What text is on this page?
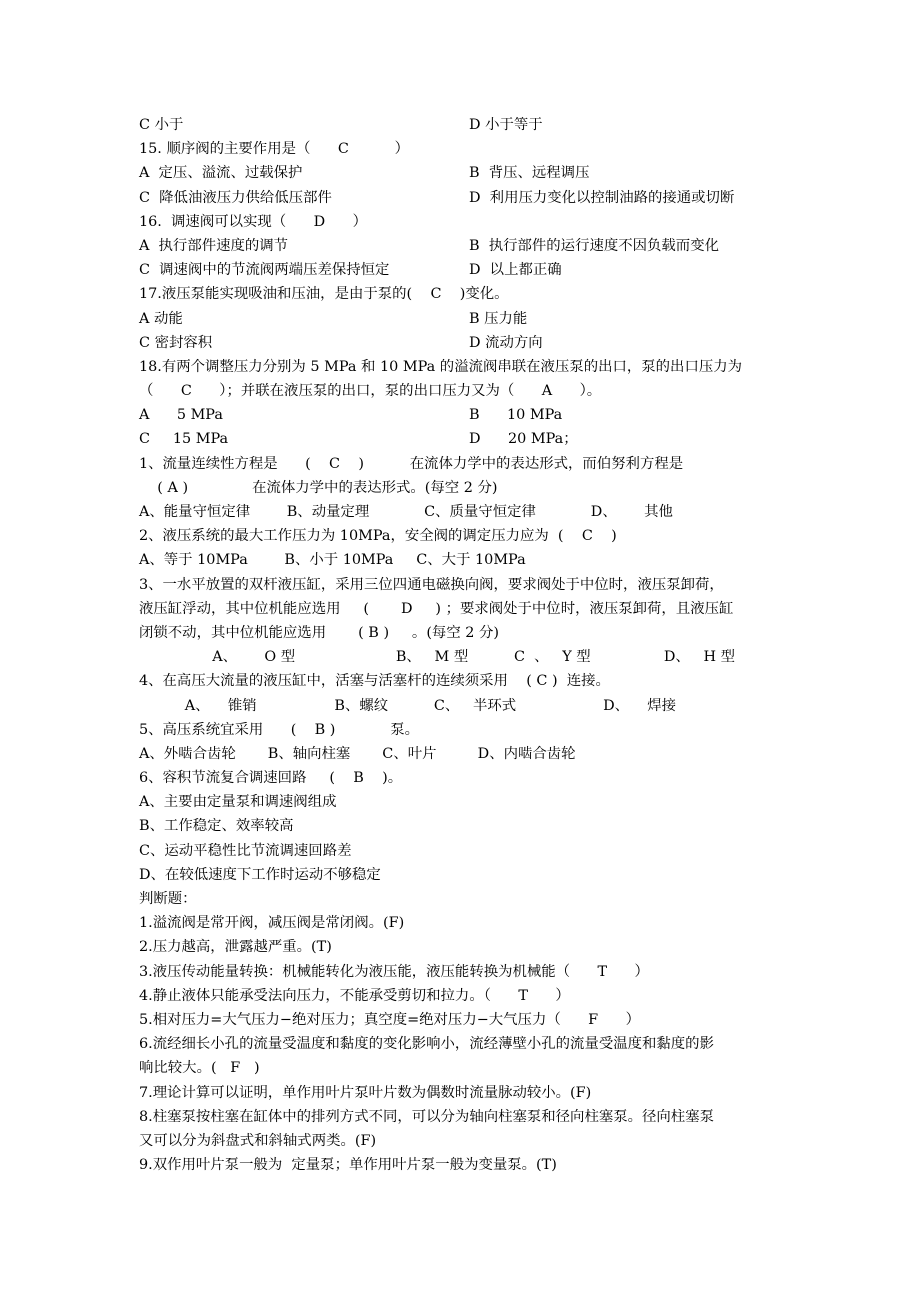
C 小于	D 小于等于
15. 顺序阀的主要作用是（      C          ）
A  定压、溢流、过载保护	B  背压、远程调压
C  降低油液压力供给低压部件	D  利用压力变化以控制油路的接通或切断
16.  调速阀可以实现（      D      ）
A  执行部件速度的调节	B  执行部件的运行速度不因负载而变化
C  调速阀中的节流阀两端压差保持恒定	D  以上都正确
17.液压泵能实现吸油和压油，是由于泵的(    C    )变化。
A 动能	B 压力能
C 密封容积	D 流动方向
18.有两个调整压力分别为 5 MPa 和 10 MPa 的溢流阀串联在液压泵的出口，泵的出口压力为
（      C      ）；并联在液压泵的出口，泵的出口压力又为（      A      ）。
A      5 MPa	B      10 MPa
C     15 MPa	D      20 MPa；
1、流量连续性方程是      (    C    )          在流体力学中的表达形式，而伯努利方程是
( A )              在流体力学中的表达形式。(每空 2 分)
A、能量守恒定律        B、动量定理            C、质量守恒定律            D、      其他
2、液压系统的最大工作压力为 10MPa，安全阀的调定压力应为  (    C    )
A、等于 10MPa        B、小于 10MPa     C、大于 10MPa
3、一水平放置的双杆液压缸，采用三位四通电磁换向阀，要求阀处于中位时，液压泵卸荷，
液压缸浮动，其中位机能应选用     (       D     ) ；要求阀处于中位时，液压泵卸荷，且液压缸
闭锁不动，其中位机能应选用       ( B )     。(每空 2 分)
A、      O 型                      B、   M 型          C  、   Y 型                D、   H 型
4、在高压大流量的液压缸中，活塞与活塞杆的连续须采用    ( C )  连接。
A、    锥销                 B、螺纹          C、   半环式                   D、    焊接
5、高压系统宜采用      (    B )            泵。
A、外啮合齿轮       B、轴向柱塞       C、叶片         D、内啮合齿轮
6、容积节流复合调速回路     (    B    )。
A、主要由定量泵和调速阀组成
B、工作稳定、效率较高
C、运动平稳性比节流调速回路差
D、在较低速度下工作时运动不够稳定
判断题：
1.溢流阀是常开阀，减压阀是常闭阀。(F)
2.压力越高，泄露越严重。(T)
3.液压传动能量转换：机械能转化为液压能，液压能转换为机械能（      T      ）
4.静止液体只能承受法向压力，不能承受剪切和拉力。（      T      ）
5.相对压力=大气压力−绝对压力；真空度=绝对压力−大气压力（      F      ）
6.流经细长小孔的流量受温度和黏度的变化影响小，流经薄壁小孔的流量受温度和黏度的影
响比较大。(   F   )
7.理论计算可以证明，单作用叶片泵叶片数为偶数时流量脉动较小。(F)
8.柱塞泵按柱塞在缸体中的排列方式不同，可以分为轴向柱塞泵和径向柱塞泵。径向柱塞泵
又可以分为斜盘式和斜轴式两类。(F)
9.双作用叶片泵一般为  定量泵；单作用叶片泵一般为变量泵。(T)
